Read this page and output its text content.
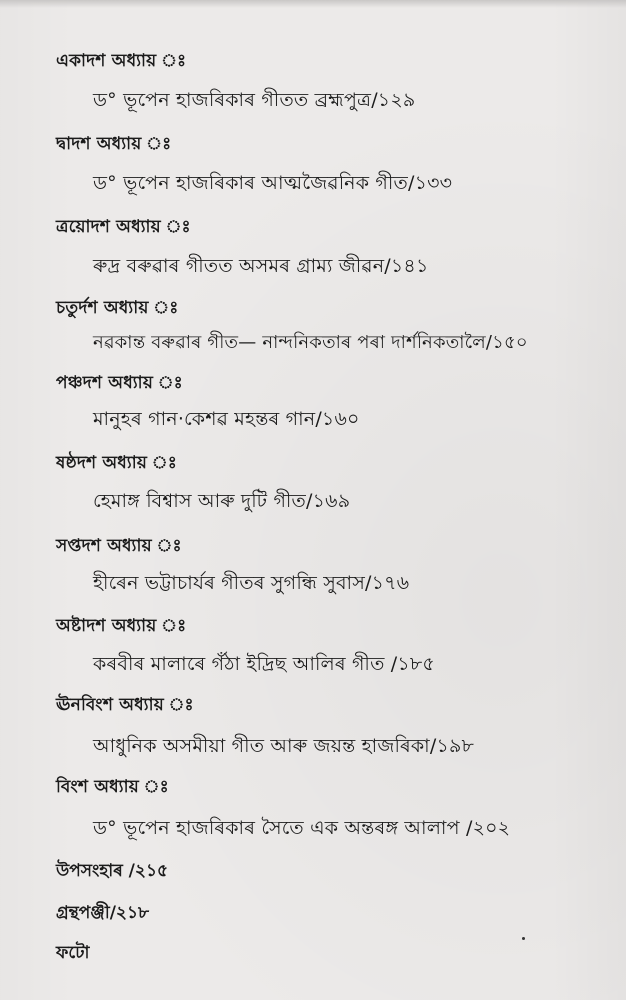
একাদশ অধ্যায় ঃ
ড° ভূপেন হাজৰিকাৰ গীতত ব্ৰহ্মপুত্ৰ/১২৯
দ্বাদশ অধ্যায় ঃ
ড° ভূপেন হাজৰিকাৰ আত্মজৈৱনিক গীত/১৩৩
ত্ৰয়োদশ অধ্যায় ঃ
ৰুদ্ৰ বৰুৱাৰ গীতত অসমৰ গ্ৰাম্য জীৱন/১৪১
চতুৰ্দশ অধ্যায় ঃ
নৱকান্ত বৰুৱাৰ গীত— নান্দনিকতাৰ পৰা দাৰ্শনিকতালৈ/১৫০
পঞ্চদশ অধ্যায় ঃ
মানুহৰ গান·কেশৱ মহন্তৰ গান/১৬০
ষষ্ঠদশ অধ্যায় ঃ
হেমাঙ্গ বিশ্বাস আৰু দুটি গীত/১৬৯
সপ্তদশ অধ্যায় ঃ
হীৰেন ভট্টাচাৰ্যৰ গীতৰ সুগন্ধি সুবাস/১৭৬
অষ্টাদশ অধ্যায় ঃ
কৰবীৰ মালাৰে গঁঠা ইদ্ৰিছ আলিৰ গীত /১৮৫
ঊনবিংশ অধ্যায় ঃ
আধুনিক অসমীয়া গীত আৰু জয়ন্ত হাজৰিকা/১৯৮
বিংশ অধ্যায় ঃ
ড° ভূপেন হাজৰিকাৰ সৈতে এক অন্তৰঙ্গ আলাপ /২০২
উপসংহাৰ /২১৫
গ্ৰন্থপঞ্জী/২১৮
ফটো
